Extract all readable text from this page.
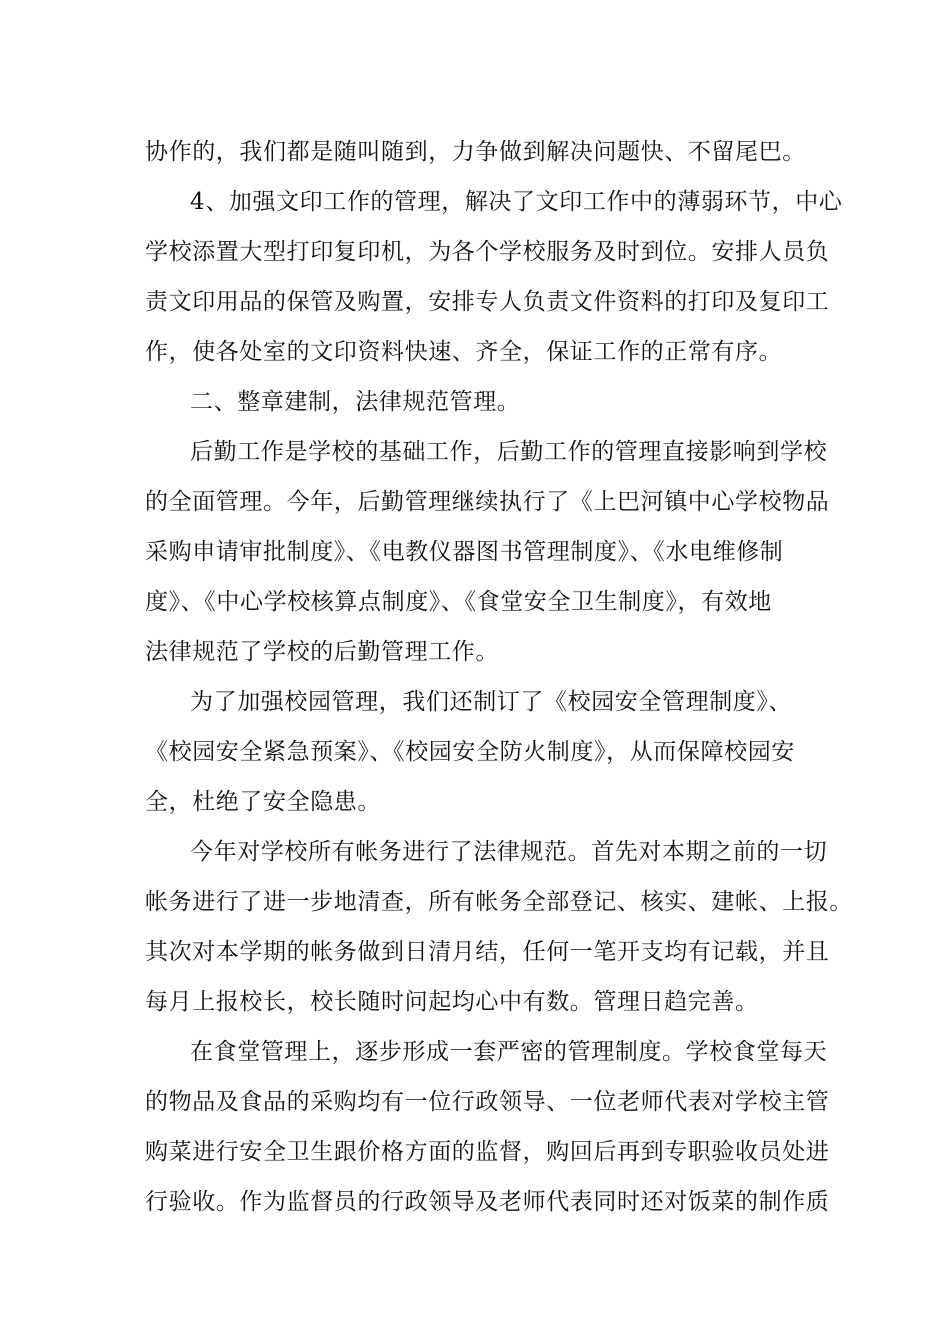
协作的，我们都是随叫随到，力争做到解决问题快、不留尾巴。
4、加强文印工作的管理，解决了文印工作中的薄弱环节，中心
学校添置大型打印复印机，为各个学校服务及时到位。安排人员负
责文印用品的保管及购置，安排专人负责文件资料的打印及复印工
作，使各处室的文印资料快速、齐全，保证工作的正常有序。
二、整章建制，法律规范管理。
后勤工作是学校的基础工作，后勤工作的管理直接影响到学校
的全面管理。今年，后勤管理继续执行了《上巴河镇中心学校物品
采购申请审批制度》、《电教仪器图书管理制度》、《水电维修制
度》、《中心学校核算点制度》、《食堂安全卫生制度》，有效地
法律规范了学校的后勤管理工作。
为了加强校园管理，我们还制订了《校园安全管理制度》、
《校园安全紧急预案》、《校园安全防火制度》，从而保障校园安
全，杜绝了安全隐患。
今年对学校所有帐务进行了法律规范。首先对本期之前的一切
帐务进行了进一步地清查，所有帐务全部登记、核实、建帐、上报。
其次对本学期的帐务做到日清月结，任何一笔开支均有记载，并且
每月上报校长，校长随时问起均心中有数。管理日趋完善。
在食堂管理上，逐步形成一套严密的管理制度。学校食堂每天
的物品及食品的采购均有一位行政领导、一位老师代表对学校主管
购菜进行安全卫生跟价格方面的监督，购回后再到专职验收员处进
行验收。作为监督员的行政领导及老师代表同时还对饭菜的制作质
